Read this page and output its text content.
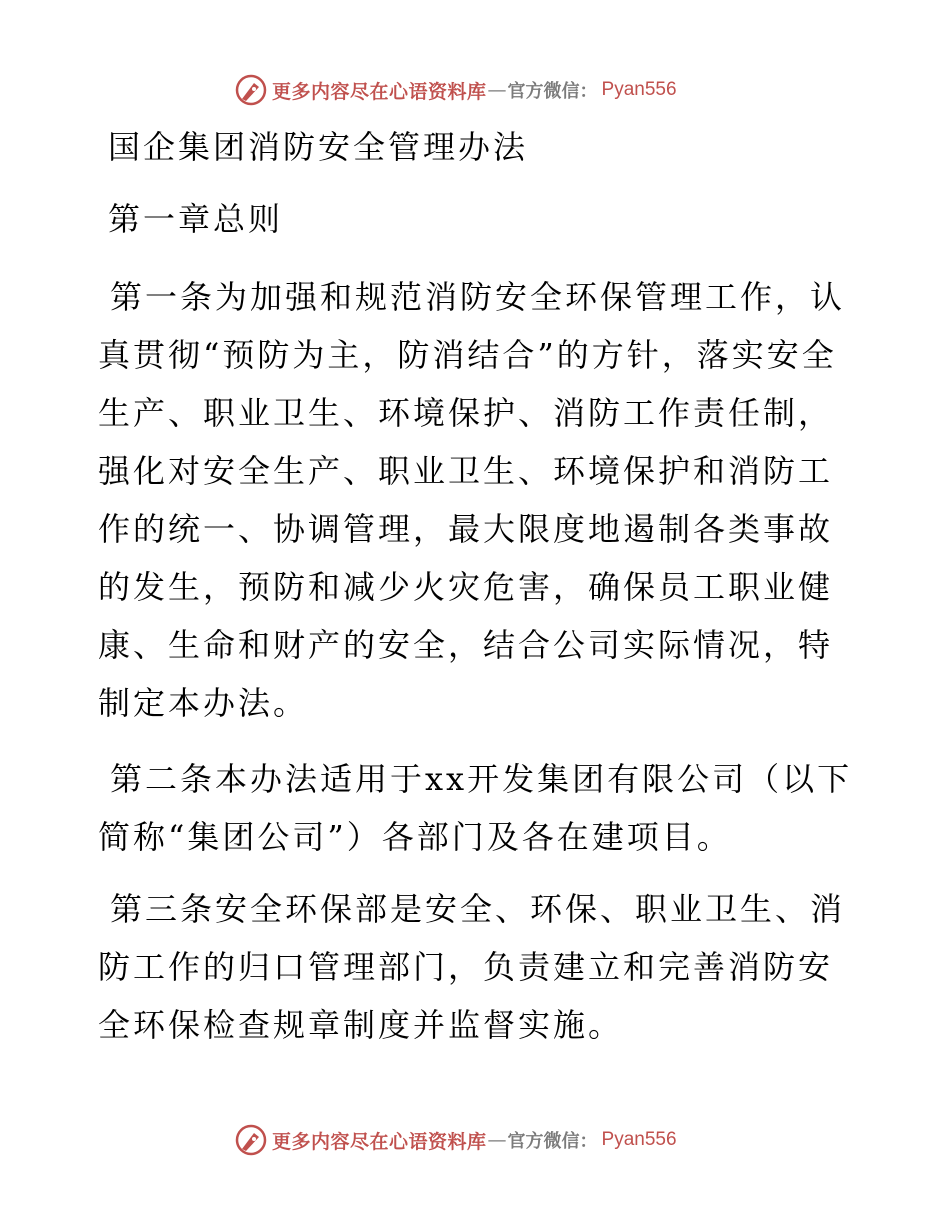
更多内容尽在心语资料库 — 官方微信： Pyan556
国企集团消防安全管理办法

第一章总则

第一条为加强和规范消防安全环保管理工作，认真贯彻“预防为主，防消结合”的方针，落实安全生产、职业卫生、环境保护、消防工作责任制，强化对安全生产、职业卫生、环境保护和消防工作的统一、协调管理，最大限度地遏制各类事故的发生，预防和减少火灾危害，确保员工职业健康、生命和财产的安全，结合公司实际情况，特制定本办法。

第二条本办法适用于xx开发集团有限公司（以下简称“集团公司”）各部门及各在建项目。

第三条安全环保部是安全、环保、职业卫生、消防工作的归口管理部门，负责建立和完善消防安全环保检查规章制度并监督实施。

更多内容尽在心语资料库 — 官方微信： Pyan556
